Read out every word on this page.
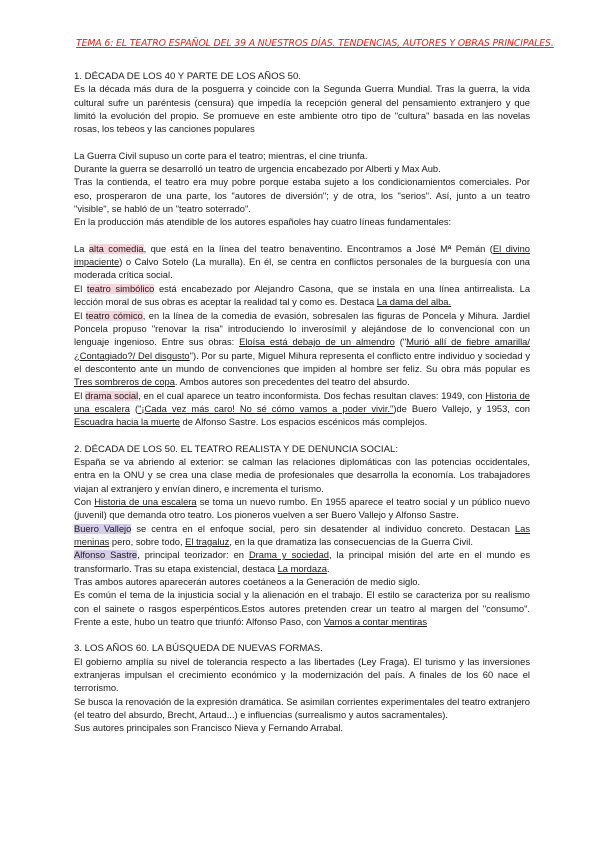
TEMA 6: EL TEATRO ESPAÑOL DEL 39 A NUESTROS DÍAS. TENDENCIAS, AUTORES Y OBRAS PRINCIPALES.

1. DÉCADA DE LOS 40 Y PARTE DE LOS AÑOS 50.

Es la década más dura de la posguerra y coincide con la Segunda Guerra Mundial. Tras la guerra, la vida cultural sufre un paréntesis (censura) que impedía la recepción general del pensamiento extranjero y que limitó la evolución del propio. Se promueve en este ambiente otro tipo de "cultura" basada en las novelas rosas, los tebeos y las canciones populares

La Guerra Civil supuso un corte para el teatro; mientras, el cine triunfa.

Durante la guerra se desarrolló un teatro de urgencia encabezado por Alberti y Max Aub.

Tras la contienda, el teatro era muy pobre porque estaba sujeto a los condicionamientos comerciales. Por eso, prosperaron de una parte, los "autores de diversión"; y de otra, los "serios". Así, junto a un teatro "visible", se habló de un "teatro soterrado".

En la producción más atendible de los autores españoles hay cuatro líneas fundamentales:

La alta comedia, que está en la línea del teatro benaventino. Encontramos a José Mª Pemán (El divino impaciente) o Calvo Sotelo (La muralla). En él, se centra en conflictos personales de la burguesía con una moderada crítica social.

El teatro simbólico está encabezado por Alejandro Casona, que se instala en una línea antirrealista. La lección moral de sus obras es aceptar la realidad tal y como es. Destaca La dama del alba.

El teatro cómico, en la línea de la comedia de evasión, sobresalen las figuras de Poncela y Mihura. Jardiel Poncela propuso "renovar la risa" introduciendo lo inverosímil y alejándose de lo convencional con un lenguaje ingenioso. Entre sus obras: Eloísa está debajo de un almendro ("Murió allí de fiebre amarilla/ ¿Contagiado?/ Del disgusto"). Por su parte, Miguel Mihura representa el conflicto entre individuo y sociedad y el descontento ante un mundo de convenciones que impiden al hombre ser feliz. Su obra más popular es Tres sombreros de copa. Ambos autores son precedentes del teatro del absurdo.

El drama social, en el cual aparece un teatro inconformista. Dos fechas resultan claves: 1949, con Historia de una escalera ("¡Cada vez más caro! No sé cómo vamos a poder vivir.")de Buero Vallejo, y 1953, con Escuadra hacia la muerte de Alfonso Sastre. Los espacios escénicos más complejos.

2. DÉCADA DE LOS 50. EL TEATRO REALISTA Y DE DENUNCIA SOCIAL:

España se va abriendo al exterior: se calman las relaciones diplomáticas con las potencias occidentales, entra en la ONU y se crea una clase media de profesionales que desarrolla la economía. Los trabajadores viajan al extranjero y envían dinero, e incrementa el turismo.

Con Historia de una escalera se toma un nuevo rumbo. En 1955 aparece el teatro social y un público nuevo (juvenil) que demanda otro teatro. Los pioneros vuelven a ser Buero Vallejo y Alfonso Sastre.

Buero Vallejo se centra en el enfoque social, pero sin desatender al individuo concreto. Destacan Las meninas pero, sobre todo, El tragaluz, en la que dramatiza las consecuencias de la Guerra Civil.

Alfonso Sastre, principal teorizador: en Drama y sociedad, la principal misión del arte en el mundo es transformarlo. Tras su etapa existencial, destaca La mordaza.

Tras ambos autores aparecerán autores coetáneos a la Generación de medio siglo.

Es común el tema de la injusticia social y la alienación en el trabajo. El estilo se caracteriza por su realismo con el sainete o rasgos esperpénticos.Estos autores pretenden crear un teatro al margen del "consumo". Frente a este, hubo un teatro que triunfó: Alfonso Paso, con Vamos a contar mentiras

3. LOS AÑOS 60. LA BÚSQUEDA DE NUEVAS FORMAS.

El gobierno amplía su nivel de tolerancia respecto a las libertades (Ley Fraga). El turismo y las inversiones extranjeras impulsan el crecimiento económico y la modernización del país. A finales de los 60 nace el terrorismo.

Se busca la renovación de la expresión dramática. Se asimilan corrientes experimentales del teatro extranjero (el teatro del absurdo, Brecht, Artaud...) e influencias (surrealismo y autos sacramentales).

Sus autores principales son Francisco Nieva y Fernando Arrabal.
